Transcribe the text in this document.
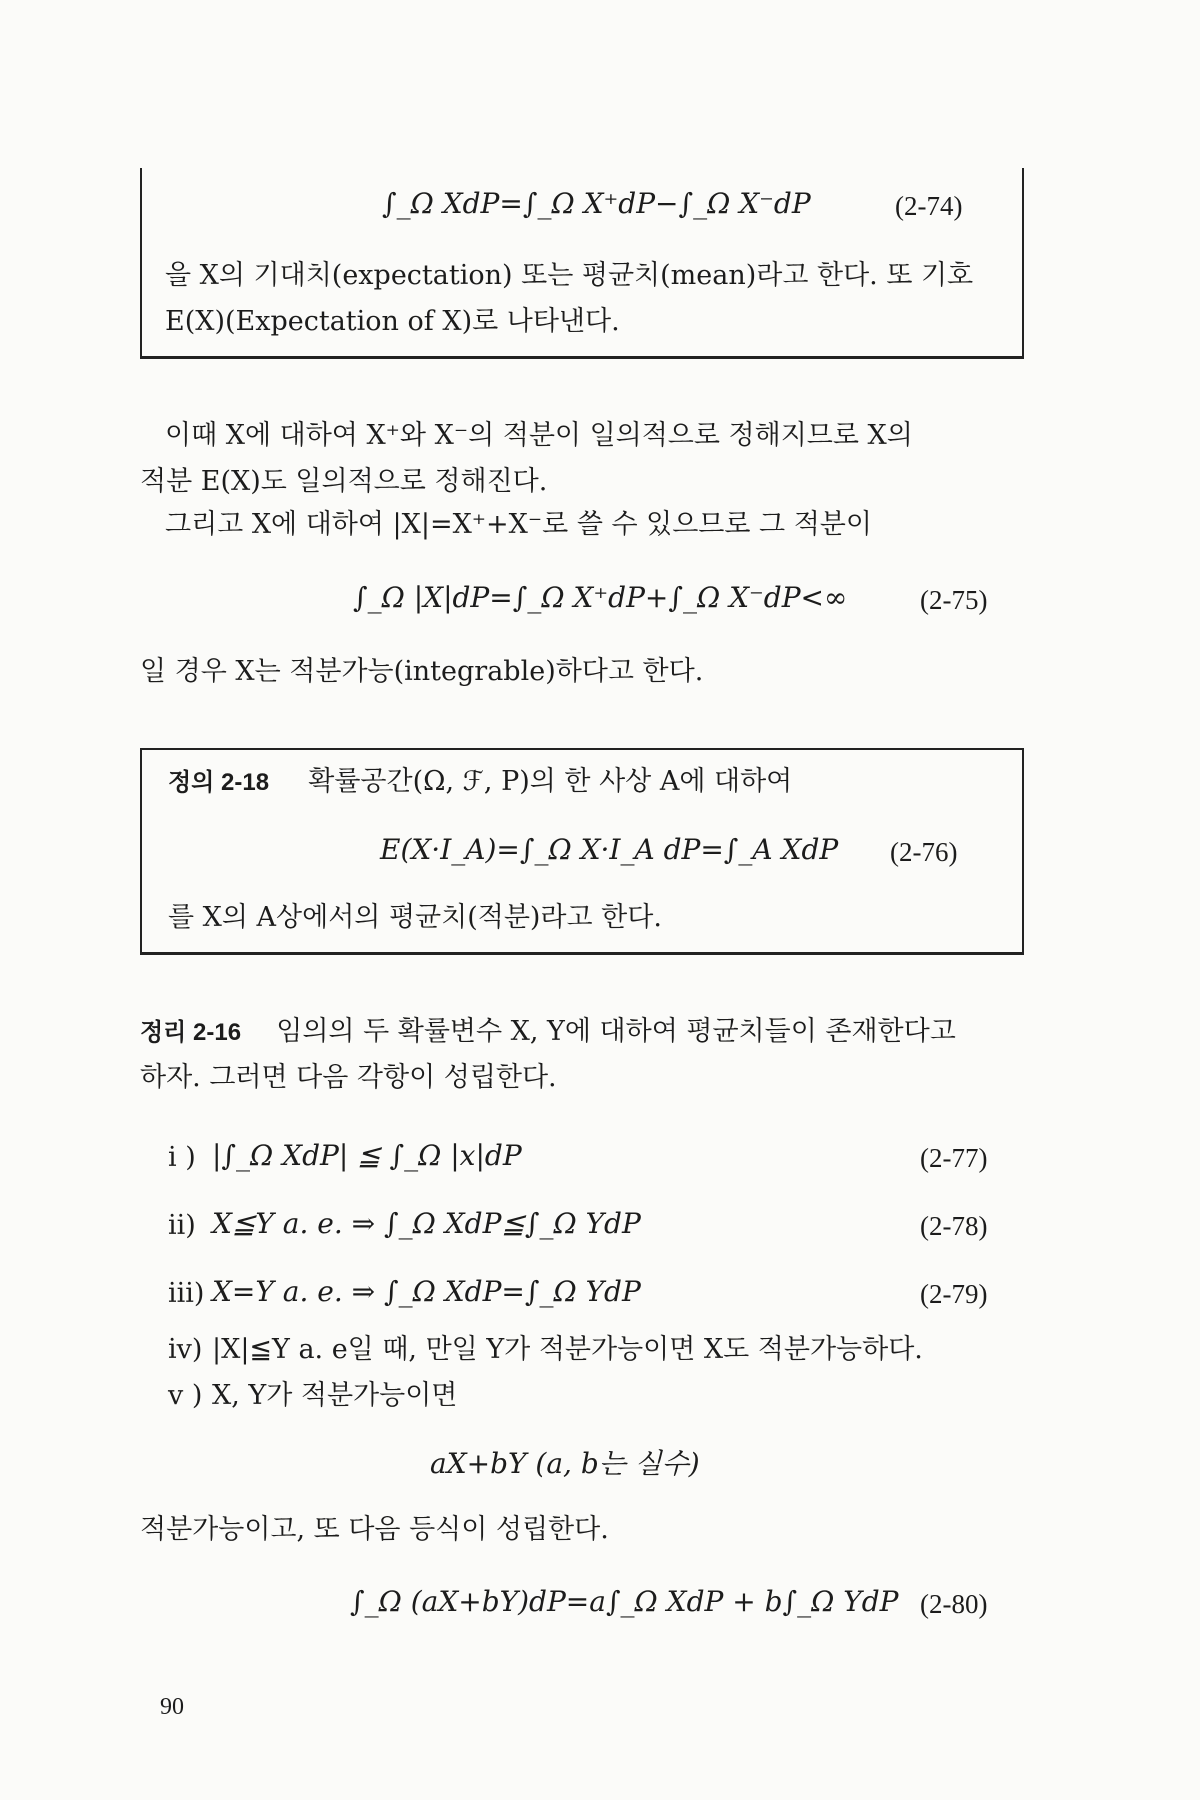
∫_Ω XdP=∫_Ω X⁺dP−∫_Ω X⁻dP	(2-74)
을 X의 기대치(expectation) 또는 평균치(mean)라고 한다. 또 기호
E(X)(Expectation of X)로 나타낸다.
이때 X에 대하여 X⁺와 X⁻의 적분이 일의적으로 정해지므로 X의
적분 E(X)도 일의적으로 정해진다.
그리고 X에 대하여 |X|=X⁺+X⁻로 쓸 수 있으므로 그 적분이
∫_Ω |X|dP=∫_Ω X⁺dP+∫_Ω X⁻dP<∞	(2-75)
일 경우 X는 적분가능(integrable)하다고 한다.
정의 2-18 확률공간(Ω, ℱ, P)의 한 사상 A에 대하여
E(X·I_A)=∫_Ω X·I_A dP=∫_A XdP (2-76)
를 X의 A상에서의 평균치(적분)라고 한다.
정리 2-16 임의의 두 확률변수 X, Y에 대하여 평균치들이 존재한다고
하자. 그러면 다음 각항이 성립한다.
i ) |∫_Ω XdP| ≦ ∫_Ω |x|dP	(2-77)
ii) X≦Y a. e. ⇒ ∫_Ω XdP≦∫_Ω YdP	(2-78)
iii) X=Y a. e. ⇒ ∫_Ω XdP=∫_Ω YdP	(2-79)
iv) |X|≦Y a. e일 때, 만일 Y가 적분가능이면 X도 적분가능하다.
v ) X, Y가 적분가능이면
aX+bY (a, b는 실수)
적분가능이고, 또 다음 등식이 성립한다.
∫_Ω (aX+bY)dP=a∫_Ω XdP + b∫_Ω YdP (2-80)
90
